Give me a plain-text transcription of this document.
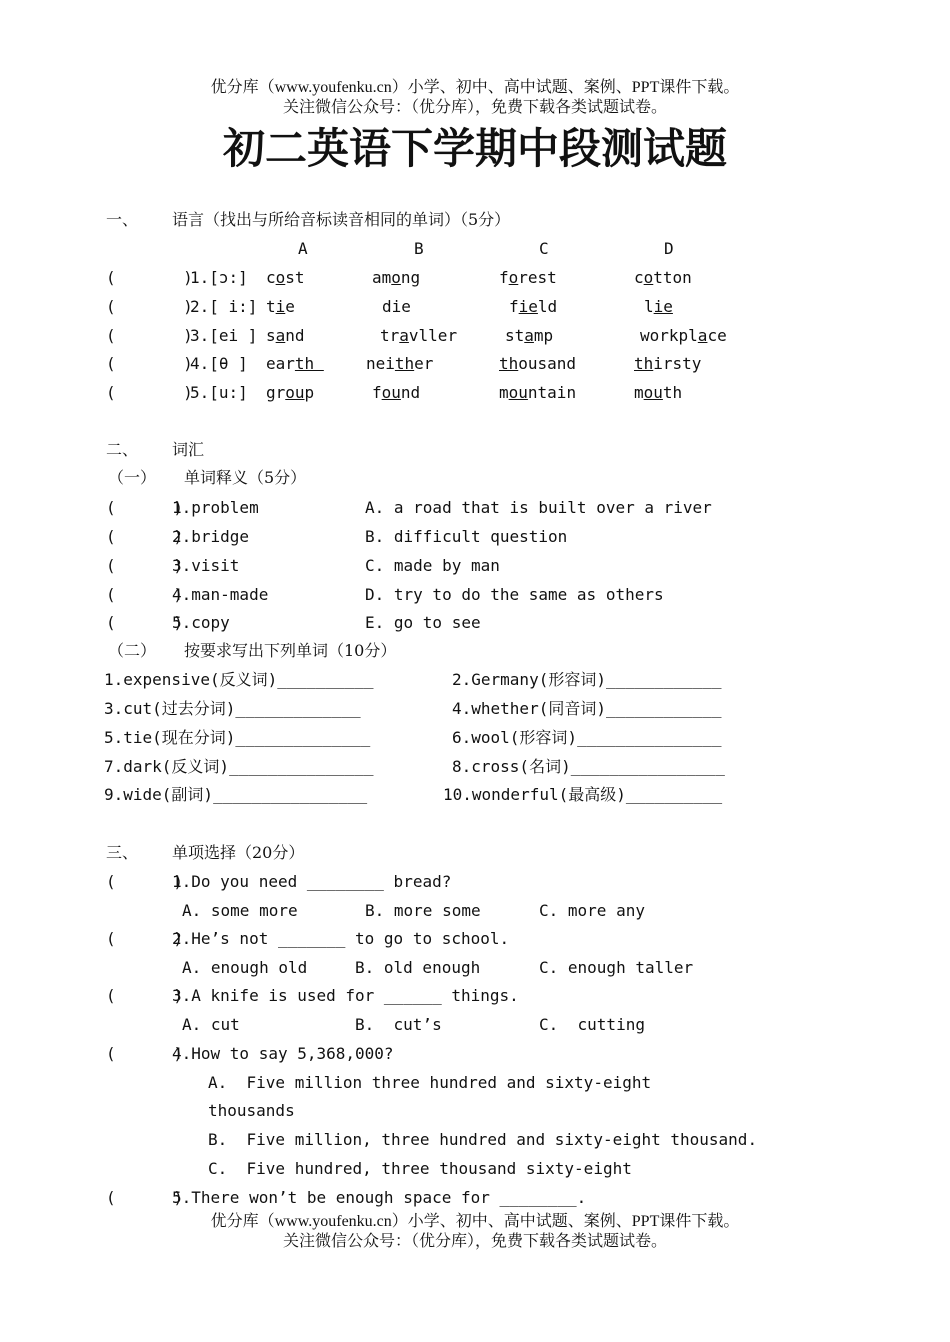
优分库（www.youfenku.cn）小学、初中、高中试题、案例、PPT课件下载。
关注微信公众号：（优分库），免费下载各类试题试卷。
初二英语下学期中段测试题
一、 语言（找出与所给音标读音相同的单词）（5分）
A	B	C	D
(       )
1.[ɔ:] cost	among	forest	cotton
(       )
2.[ i:] tie	die	field	lie
(       )
3.[ei ] sand	travller	stamp	workplace
(       )
4.[θ ] earth	neither	thousand	thirsty
(       )
5.[u:] group	found	mountain	mouth
二、 词汇
（一） 单词释义（5分）
(      )
1.problem	A. a road that is built over a river
(      )
2.bridge	B. difficult question
(      )
3.visit	C. made by man
(      )
4.man-made	D. try to do the same as others
(      )
5.copy	E. go to see
（二） 按要求写出下列单词（10分）
1.expensive(反义词)__________	2.Germany(形容词)____________
3.cut(过去分词)_____________	4.whether(同音词)____________
5.tie(现在分词)______________	6.wool(形容词)_______________
7.dark(反义词)_______________	8.cross(名词)________________
9.wide(副词)________________	10.wonderful(最高级)__________
三、 单项选择（20分）
(      )
1.Do you need ________ bread?
A. some more	B. more some	C. more any
(      )
2.He’s not _______ to go to school.
A. enough old	B. old enough	C. enough taller
(      )
3.A knife is used for ______ things.
A. cut	B.  cut’s	C.  cutting
(      )
4.How to say 5,368,000?
A.  Five million three hundred and sixty-eight
thousands
B.  Five million, three hundred and sixty-eight thousand.
C.  Five hundred, three thousand sixty-eight
(      )
5.There won’t be enough space for ________.
优分库（www.youfenku.cn）小学、初中、高中试题、案例、PPT课件下载。
关注微信公众号：（优分库），免费下载各类试题试卷。
